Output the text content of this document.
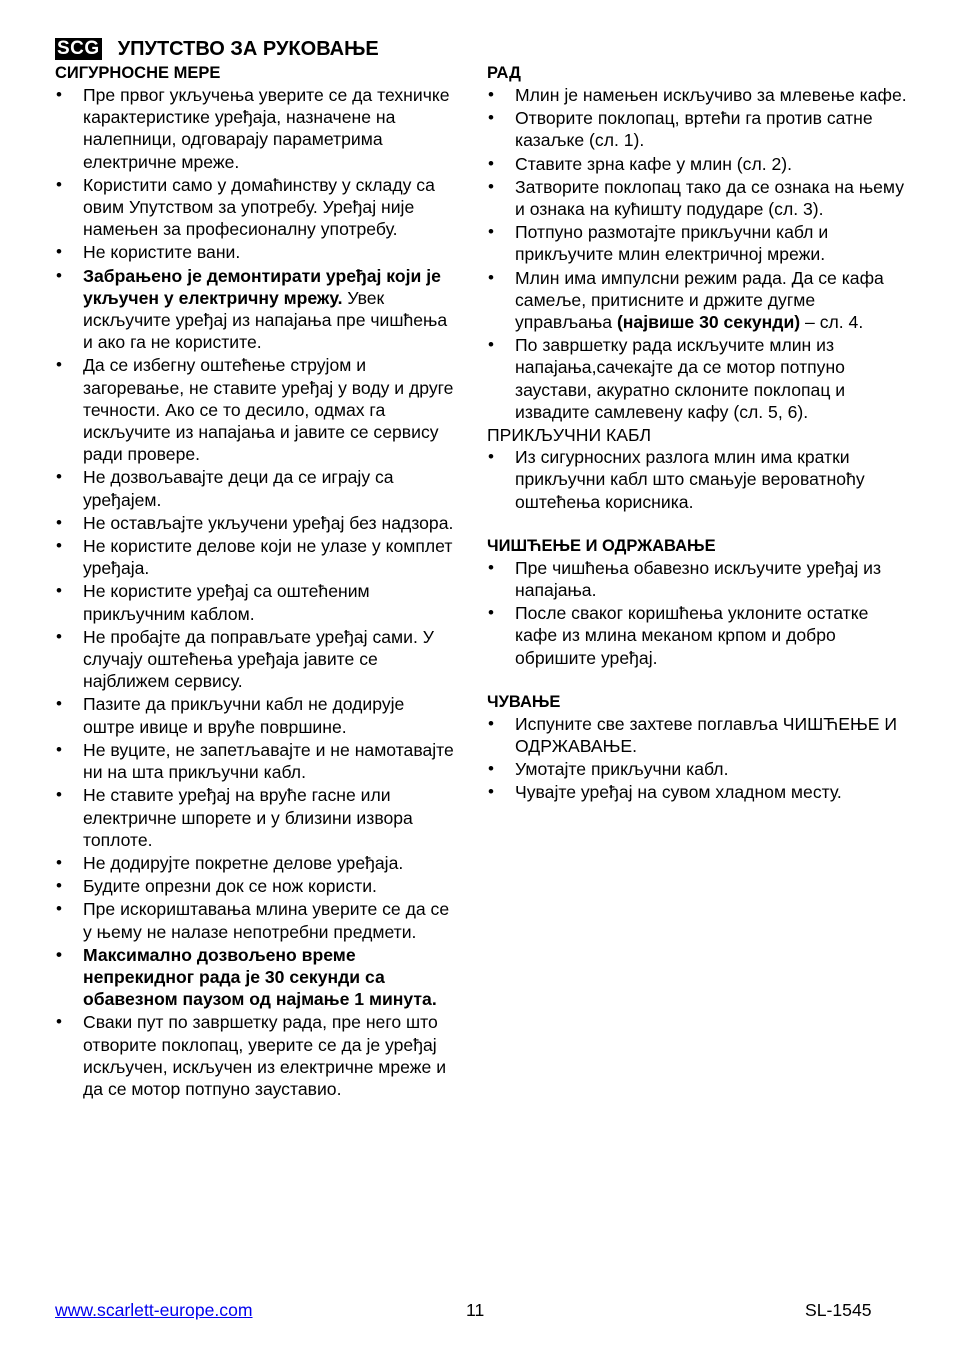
SCG УПУТСТВО ЗА РУКОВАЊЕ

СИГУРНОСНЕ МЕРЕ

• Пре првог укључења уверите се да техничке карактеристике уређаја, назначене на налепници, одговарају параметрима електричне мреже.
• Користити само у домаћинству у складу са овим Упутством за употребу. Уређај није намењен за професионалну употребу.
• Не користите вани.
• Забрањено је демонтирати уређај који је укључен у електричну мрежу. Увек искључите уређај из напајања пре чишћења и ако га не користите.
• Да се избегну оштећење струјом и загоревање, не ставите уређај у воду и друге течности. Ако се то десило, одмах га искључите из напајања и јавите се сервису ради провере.
• Не дозвољавајте деци да се играју са уређајем.
• Не остављајте укључени уређај без надзора.
• Не користите делове који не улазе у комплет уређаја.
• Не користите уређај са оштећеним прикључним каблом.
• Не пробајте да поправљате уређај сами. У случају оштећења уређаја јавите се најближем сервису.
• Пазите да прикључни кабл не додирује оштре ивице и вруће површине.
• Не вуците, не запетљавајте и не намотавајте ни на шта прикључни кабл.
• Не ставите уређај на вруће гасне или електричне шпорете и у близини извора топлоте.
• Не додирујте покретне делове уређаја.
• Будите опрезни док се нож користи.
• Пре искориштавања млина уверите се да се у њему не налазе непотребни предмети.
• Максимално дозвољено време непрекидног рада је 30 секунди са обавезном паузом од најмање 1 минута.
• Сваки пут по завршетку рада, пре него што отворите поклопац, уверите се да је уређај искључен, искључен из електричне мреже и да се мотор потпуно зауставио.

РАД

• Млин је намењен искључиво за млевење кафе.
• Отворите поклопац, вртећи га против сатне казаљке (сл. 1).
• Ставите зрна кафе у млин (сл. 2).
• Затворите поклопац тако да се ознака на њему и ознака на кућишту подударе (сл. 3).
• Потпуно размотајте прикључни кабл и прикључите млин електричној мрежи.
• Млин има импулсни режим рада. Да се кафа самеље, притисните и држите дугме управљања (највише 30 секунди) – сл. 4.
• По завршетку рада искључите млин из напајања,сачекајте да се мотор потпуно заустави, акуратно склоните поклопац и извадите самлевену кафу (сл. 5, 6).

ПРИКЉУЧНИ КАБЛ

• Из сигурносних разлога млин има кратки прикључни кабл што смањује вероватноћу оштећења корисника.

ЧИШЋЕЊЕ И ОДРЖАВАЊЕ

• Пре чишћења обавезно искључите уређај из напајања.
• После сваког коришћења уклоните остатке кафе из млина меканом крпом и добро обришите уређај.

ЧУВАЊЕ

• Испуните све захтеве поглавља ЧИШЋЕЊЕ И ОДРЖАВАЊЕ.
• Умотајте прикључни кабл.
• Чувајте уређај на сувом хладном месту.
www.scarlett-europe.com	11	SL-1545
